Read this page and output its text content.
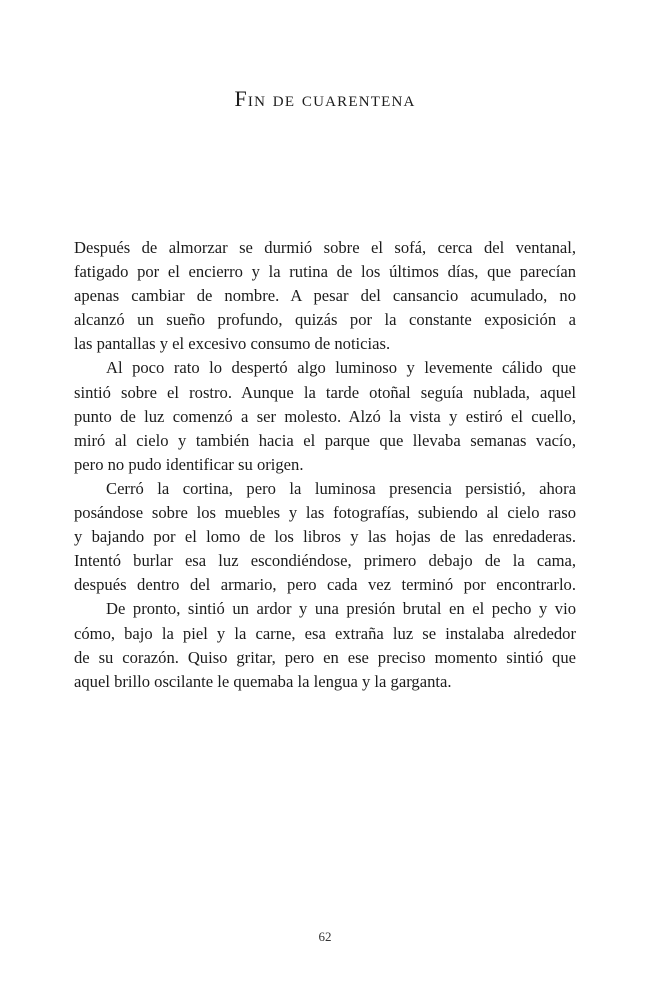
Fin de cuarentena

Después de almorzar se durmió sobre el sofá, cerca del ventanal,

fatigado por el encierro y la rutina de los últimos días, que parecían

apenas cambiar de nombre. A pesar del cansancio acumulado, no

alcanzó un sueño profundo, quizás por la constante exposición a

las pantallas y el excesivo consumo de noticias.

Al poco rato lo despertó algo luminoso y levemente cálido que

sintió sobre el rostro. Aunque la tarde otoñal seguía nublada, aquel

punto de luz comenzó a ser molesto. Alzó la vista y estiró el cuello,

miró al cielo y también hacia el parque que llevaba semanas vacío,

pero no pudo identificar su origen.

Cerró la cortina, pero la luminosa presencia persistió, ahora

posándose sobre los muebles y las fotografías, subiendo al cielo raso

y bajando por el lomo de los libros y las hojas de las enredaderas.

Intentó burlar esa luz escondiéndose, primero debajo de la cama,

después dentro del armario, pero cada vez terminó por encontrarlo.

De pronto, sintió un ardor y una presión brutal en el pecho y vio

cómo, bajo la piel y la carne, esa extraña luz se instalaba alrededor

de su corazón. Quiso gritar, pero en ese preciso momento sintió que

aquel brillo oscilante le quemaba la lengua y la garganta.

62
